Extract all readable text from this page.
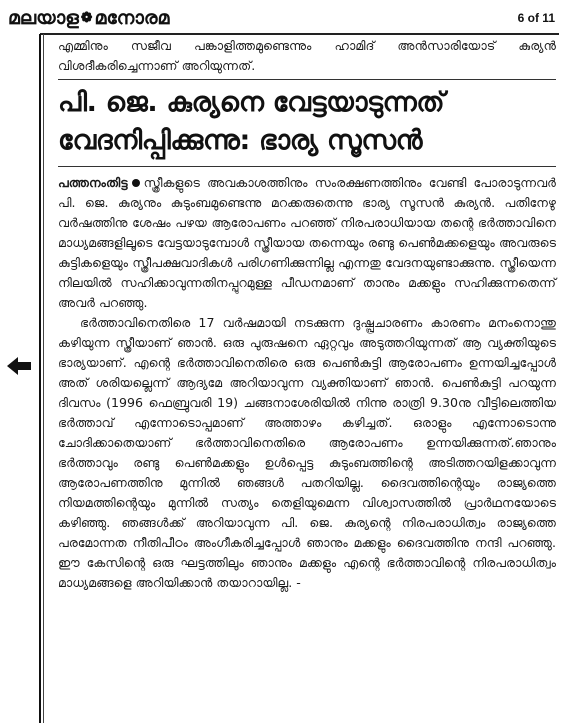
മലയാള ❁ മനോരമ	6 of 11

എമ്മിനും സജീവ പങ്കാളിത്തമുണ്ടെന്നും ഹാമിദ് അൻസാരിയോട് കുര്യൻ വിശദീകരിച്ചെന്നാണ് അറിയുന്നത്.

പി. ജെ. കുര്യനെ വേട്ടയാടുന്നത് വേദനിപ്പിക്കുന്നു: ഭാര്യ സൂസൻ

പത്തനംതിട്ട സ്ത്രീകളുടെ അവകാശത്തിനും സംരക്ഷണത്തിനും വേണ്ടി പോരാടുന്നവർ പി. ജെ. കുര്യനും കുടുംബമുണ്ടെന്നു മറക്കരുതെന്നു ഭാര്യ സൂസൻ കുര്യൻ. പതിനേഴു വർഷത്തിനു ശേഷം പഴയ ആരോപണം പറഞ്ഞ് നിരപരാധിയായ തന്റെ ഭർത്താവിനെ മാധ്യമങ്ങളിലൂടെ വേട്ടയാടുമ്പോൾ സ്ത്രീയായ തന്നെയും രണ്ടു പെൺമക്കളെയും അവരുടെ കുട്ടികളെയും സ്ത്രീപക്ഷവാദികൾ പരിഗണിക്കുന്നില്ല എന്നതു വേദനയുണ്ടാക്കുന്നു. സ്ത്രീയെന്ന നിലയിൽ സഹിക്കാവുന്നതിനപ്പുറമുള്ള പീഡനമാണ് താനും മക്കളും സഹിക്കുന്നതെന്ന് അവർ പറഞ്ഞു.

ഭർത്താവിനെതിരെ 17 വർഷമായി നടക്കുന്ന ദുഷ്പ്രചാരണം കാരണം മനംനൊന്തു കഴിയുന്ന സ്ത്രീയാണ് ഞാൻ. ഒരു പുരുഷനെ ഏറ്റവും അടുത്തറിയുന്നത് ആ വ്യക്തിയുടെ ഭാര്യയാണ്. എന്റെ ഭർത്താവിനെതിരെ ഒരു പെൺകുട്ടി ആരോപണം ഉന്നയിച്ചപ്പോൾ അത് ശരിയല്ലെന്ന് ആദ്യമേ അറിയാവുന്ന വ്യക്തിയാണ് ഞാൻ. പെൺകുട്ടി പറയുന്ന ദിവസം (1996 ഫെബ്രുവരി 19) ചങ്ങനാശേരിയിൽ നിന്നു രാത്രി 9.30നു വീട്ടിലെത്തിയ ഭർത്താവ് എന്നോടൊപ്പമാണ് അത്താഴം കഴിച്ചത്. ഒരാളും എന്നോടൊന്നു ചോദിക്കാതെയാണ് ഭർത്താവിനെതിരെ ആരോപണം ഉന്നയിക്കുന്നത്.ഞാനും ഭർത്താവും രണ്ടു പെൺമക്കളും ഉൾപ്പെട്ട കുടുംബത്തിന്റെ അടിത്തറയിളക്കാവുന്ന ആരോപണത്തിനു മുന്നിൽ ഞങ്ങൾ പതറിയില്ല. ദൈവത്തിന്റെയും രാജ്യത്തെ നിയമത്തിന്റെയും മുന്നിൽ സത്യം തെളിയുമെന്ന വിശ്വാസത്തിൽ പ്രാർഥനയോടെ കഴിഞ്ഞു. ഞങ്ങൾക്ക് അറിയാവുന്ന പി. ജെ. കുര്യന്റെ നിരപരാധിത്വം രാജ്യത്തെ പരമോന്നത നീതിപീഠം അംഗീകരിച്ചപ്പോൾ ഞാനും മക്കളും ദൈവത്തിനു നന്ദി പറഞ്ഞു. ഈ കേസിന്റെ ഒരു ഘട്ടത്തിലും ഞാനും മക്കളും എന്റെ ഭർത്താവിന്റെ നിരപരാധിത്വം മാധ്യമങ്ങളെ അറിയിക്കാൻ തയാറായില്ല. -
